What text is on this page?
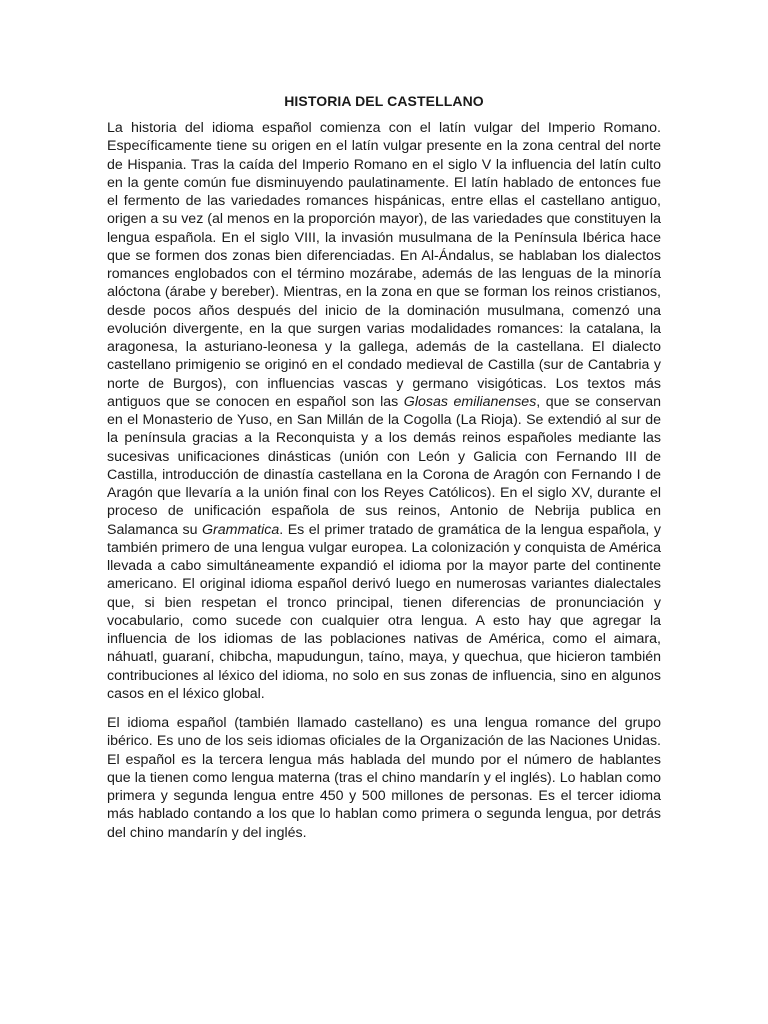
HISTORIA DEL CASTELLANO

La historia del idioma español comienza con el latín vulgar del Imperio Romano. Específicamente tiene su origen en el latín vulgar presente en la zona central del norte de Hispania. Tras la caída del Imperio Romano en el siglo V la influencia del latín culto en la gente común fue disminuyendo paulatinamente. El latín hablado de entonces fue el fermento de las variedades romances hispánicas, entre ellas el castellano antiguo, origen a su vez (al menos en la proporción mayor), de las variedades que constituyen la lengua española. En el siglo VIII, la invasión musulmana de la Península Ibérica hace que se formen dos zonas bien diferenciadas. En Al-Ándalus, se hablaban los dialectos romances englobados con el término mozárabe, además de las lenguas de la minoría alóctona (árabe y bereber). Mientras, en la zona en que se forman los reinos cristianos, desde pocos años después del inicio de la dominación musulmana, comenzó una evolución divergente, en la que surgen varias modalidades romances: la catalana, la aragonesa, la asturiano-leonesa y la gallega, además de la castellana. El dialecto castellano primigenio se originó en el condado medieval de Castilla (sur de Cantabria y norte de Burgos), con influencias vascas y germano visigóticas. Los textos más antiguos que se conocen en español son las Glosas emilianenses, que se conservan en el Monasterio de Yuso, en San Millán de la Cogolla (La Rioja). Se extendió al sur de la península gracias a la Reconquista y a los demás reinos españoles mediante las sucesivas unificaciones dinásticas (unión con León y Galicia con Fernando III de Castilla, introducción de dinastía castellana en la Corona de Aragón con Fernando I de Aragón que llevaría a la unión final con los Reyes Católicos). En el siglo XV, durante el proceso de unificación española de sus reinos, Antonio de Nebrija publica en Salamanca su Grammatica. Es el primer tratado de gramática de la lengua española, y también primero de una lengua vulgar europea. La colonización y conquista de América llevada a cabo simultáneamente expandió el idioma por la mayor parte del continente americano. El original idioma español derivó luego en numerosas variantes dialectales que, si bien respetan el tronco principal, tienen diferencias de pronunciación y vocabulario, como sucede con cualquier otra lengua. A esto hay que agregar la influencia de los idiomas de las poblaciones nativas de América, como el aimara, náhuatl, guaraní, chibcha, mapudungun, taíno, maya, y quechua, que hicieron también contribuciones al léxico del idioma, no solo en sus zonas de influencia, sino en algunos casos en el léxico global.

El idioma español (también llamado castellano) es una lengua romance del grupo ibérico. Es uno de los seis idiomas oficiales de la Organización de las Naciones Unidas. El español es la tercera lengua más hablada del mundo por el número de hablantes que la tienen como lengua materna (tras el chino mandarín y el inglés). Lo hablan como primera y segunda lengua entre 450 y 500 millones de personas. Es el tercer idioma más hablado contando a los que lo hablan como primera o segunda lengua, por detrás del chino mandarín y del inglés.
